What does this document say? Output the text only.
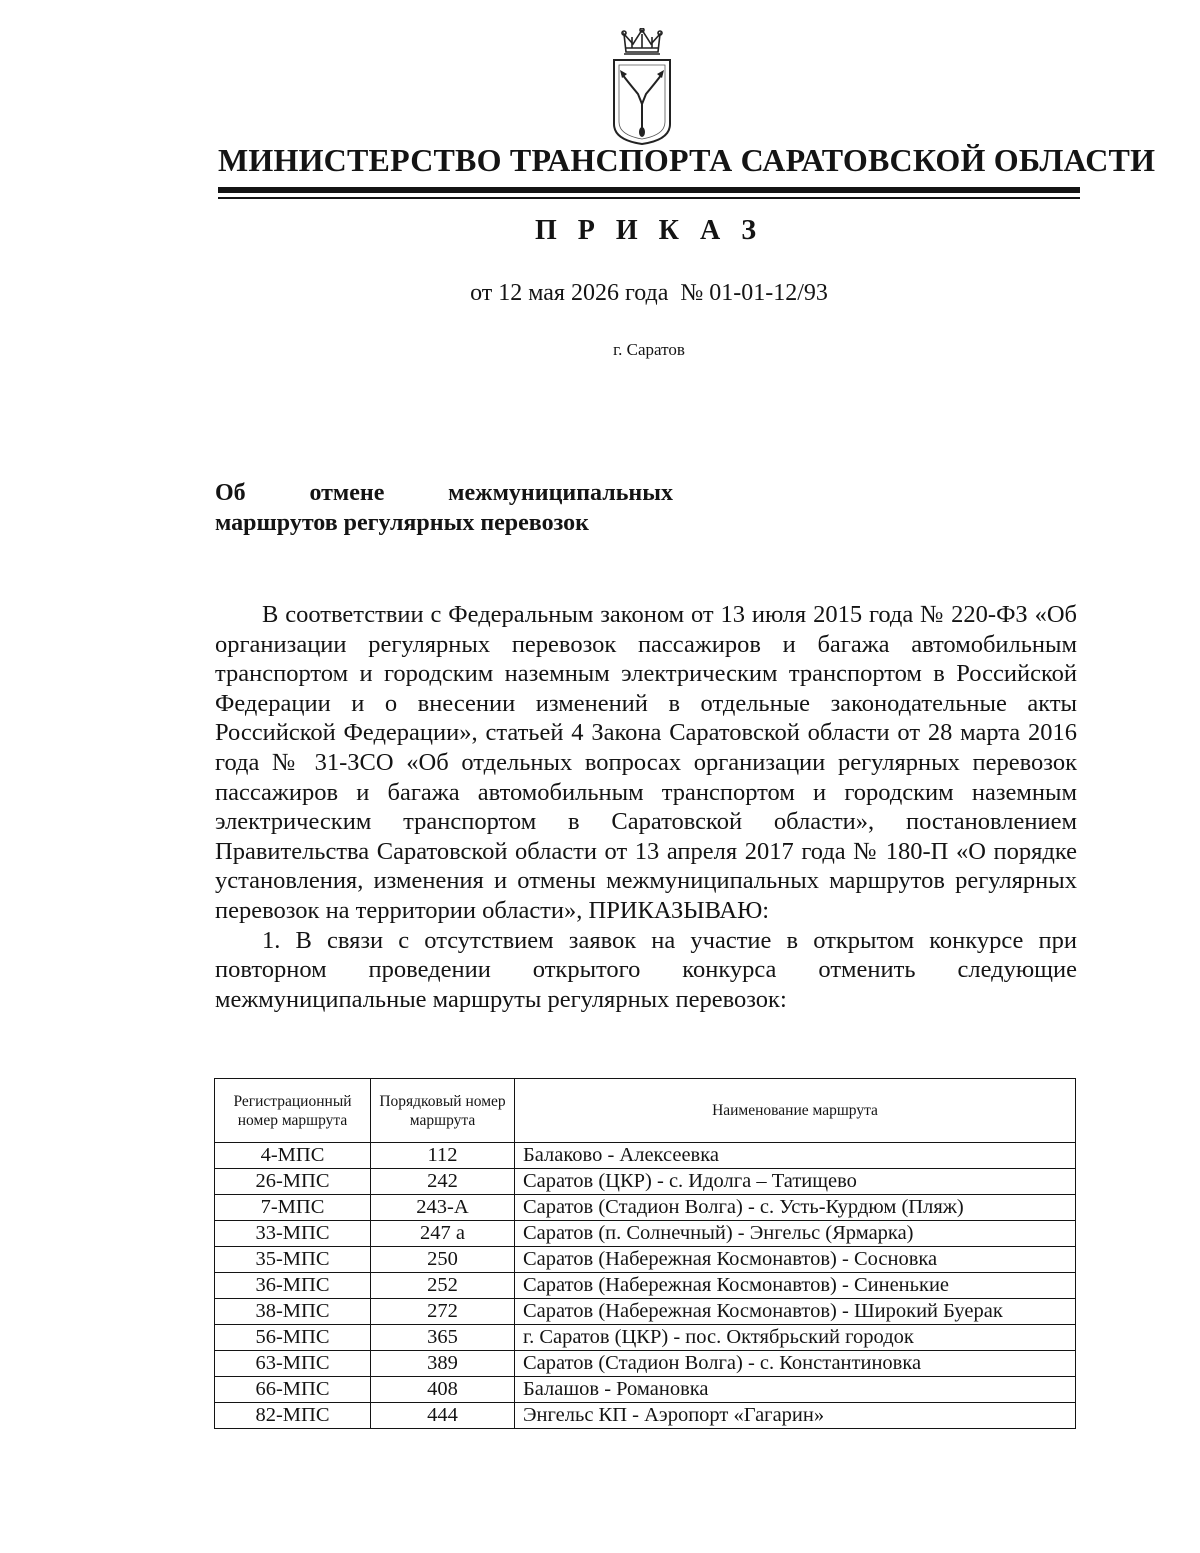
МИНИСТЕРСТВО ТРАНСПОРТА САРАТОВСКОЙ ОБЛАСТИ
П Р И К А З
от 12 мая 2026 года  № 01-01-12/93
г. Саратов
Об отмене межмуниципальных
маршрутов регулярных перевозок

В соответствии с Федеральным законом от 13 июля 2015 года № 220-ФЗ «Об организации регулярных перевозок пассажиров и багажа автомобильным транспортом и городским наземным электрическим транспортом в Российской Федерации и о внесении изменений в отдельные законодательные акты Российской Федерации», статьей 4 Закона Саратовской области от 28 марта 2016 года № 31-ЗСО «Об отдельных вопросах организации регулярных перевозок пассажиров и багажа автомобильным транспортом и городским наземным электрическим транспортом в Саратовской области», постановлением Правительства Саратовской области от 13 апреля 2017 года № 180-П «О порядке установления, изменения и отмены межмуниципальных маршрутов регулярных перевозок на территории области», ПРИКАЗЫВАЮ:

1. В связи с отсутствием заявок на участие в открытом конкурсе при повторном проведении открытого конкурса отменить следующие межмуниципальные маршруты регулярных перевозок:

Регистрационный номер маршрута	Порядковый номер маршрута	Наименование маршрута
4-МПС	112	Балаково - Алексеевка
26-МПС	242	Саратов (ЦКР) - с. Идолга – Татищево
7-МПС	243-А	Саратов (Стадион Волга) - с. Усть-Курдюм (Пляж)
33-МПС	247 а	Саратов (п. Солнечный) - Энгельс (Ярмарка)
35-МПС	250	Саратов (Набережная Космонавтов) - Сосновка
36-МПС	252	Саратов (Набережная Космонавтов) - Синенькие
38-МПС	272	Саратов (Набережная Космонавтов) - Широкий Буерак
56-МПС	365	г. Саратов (ЦКР) - пос. Октябрьский городок
63-МПС	389	Саратов (Стадион Волга) - с. Константиновка
66-МПС	408	Балашов - Романовка
82-МПС	444	Энгельс КП - Аэропорт «Гагарин»
